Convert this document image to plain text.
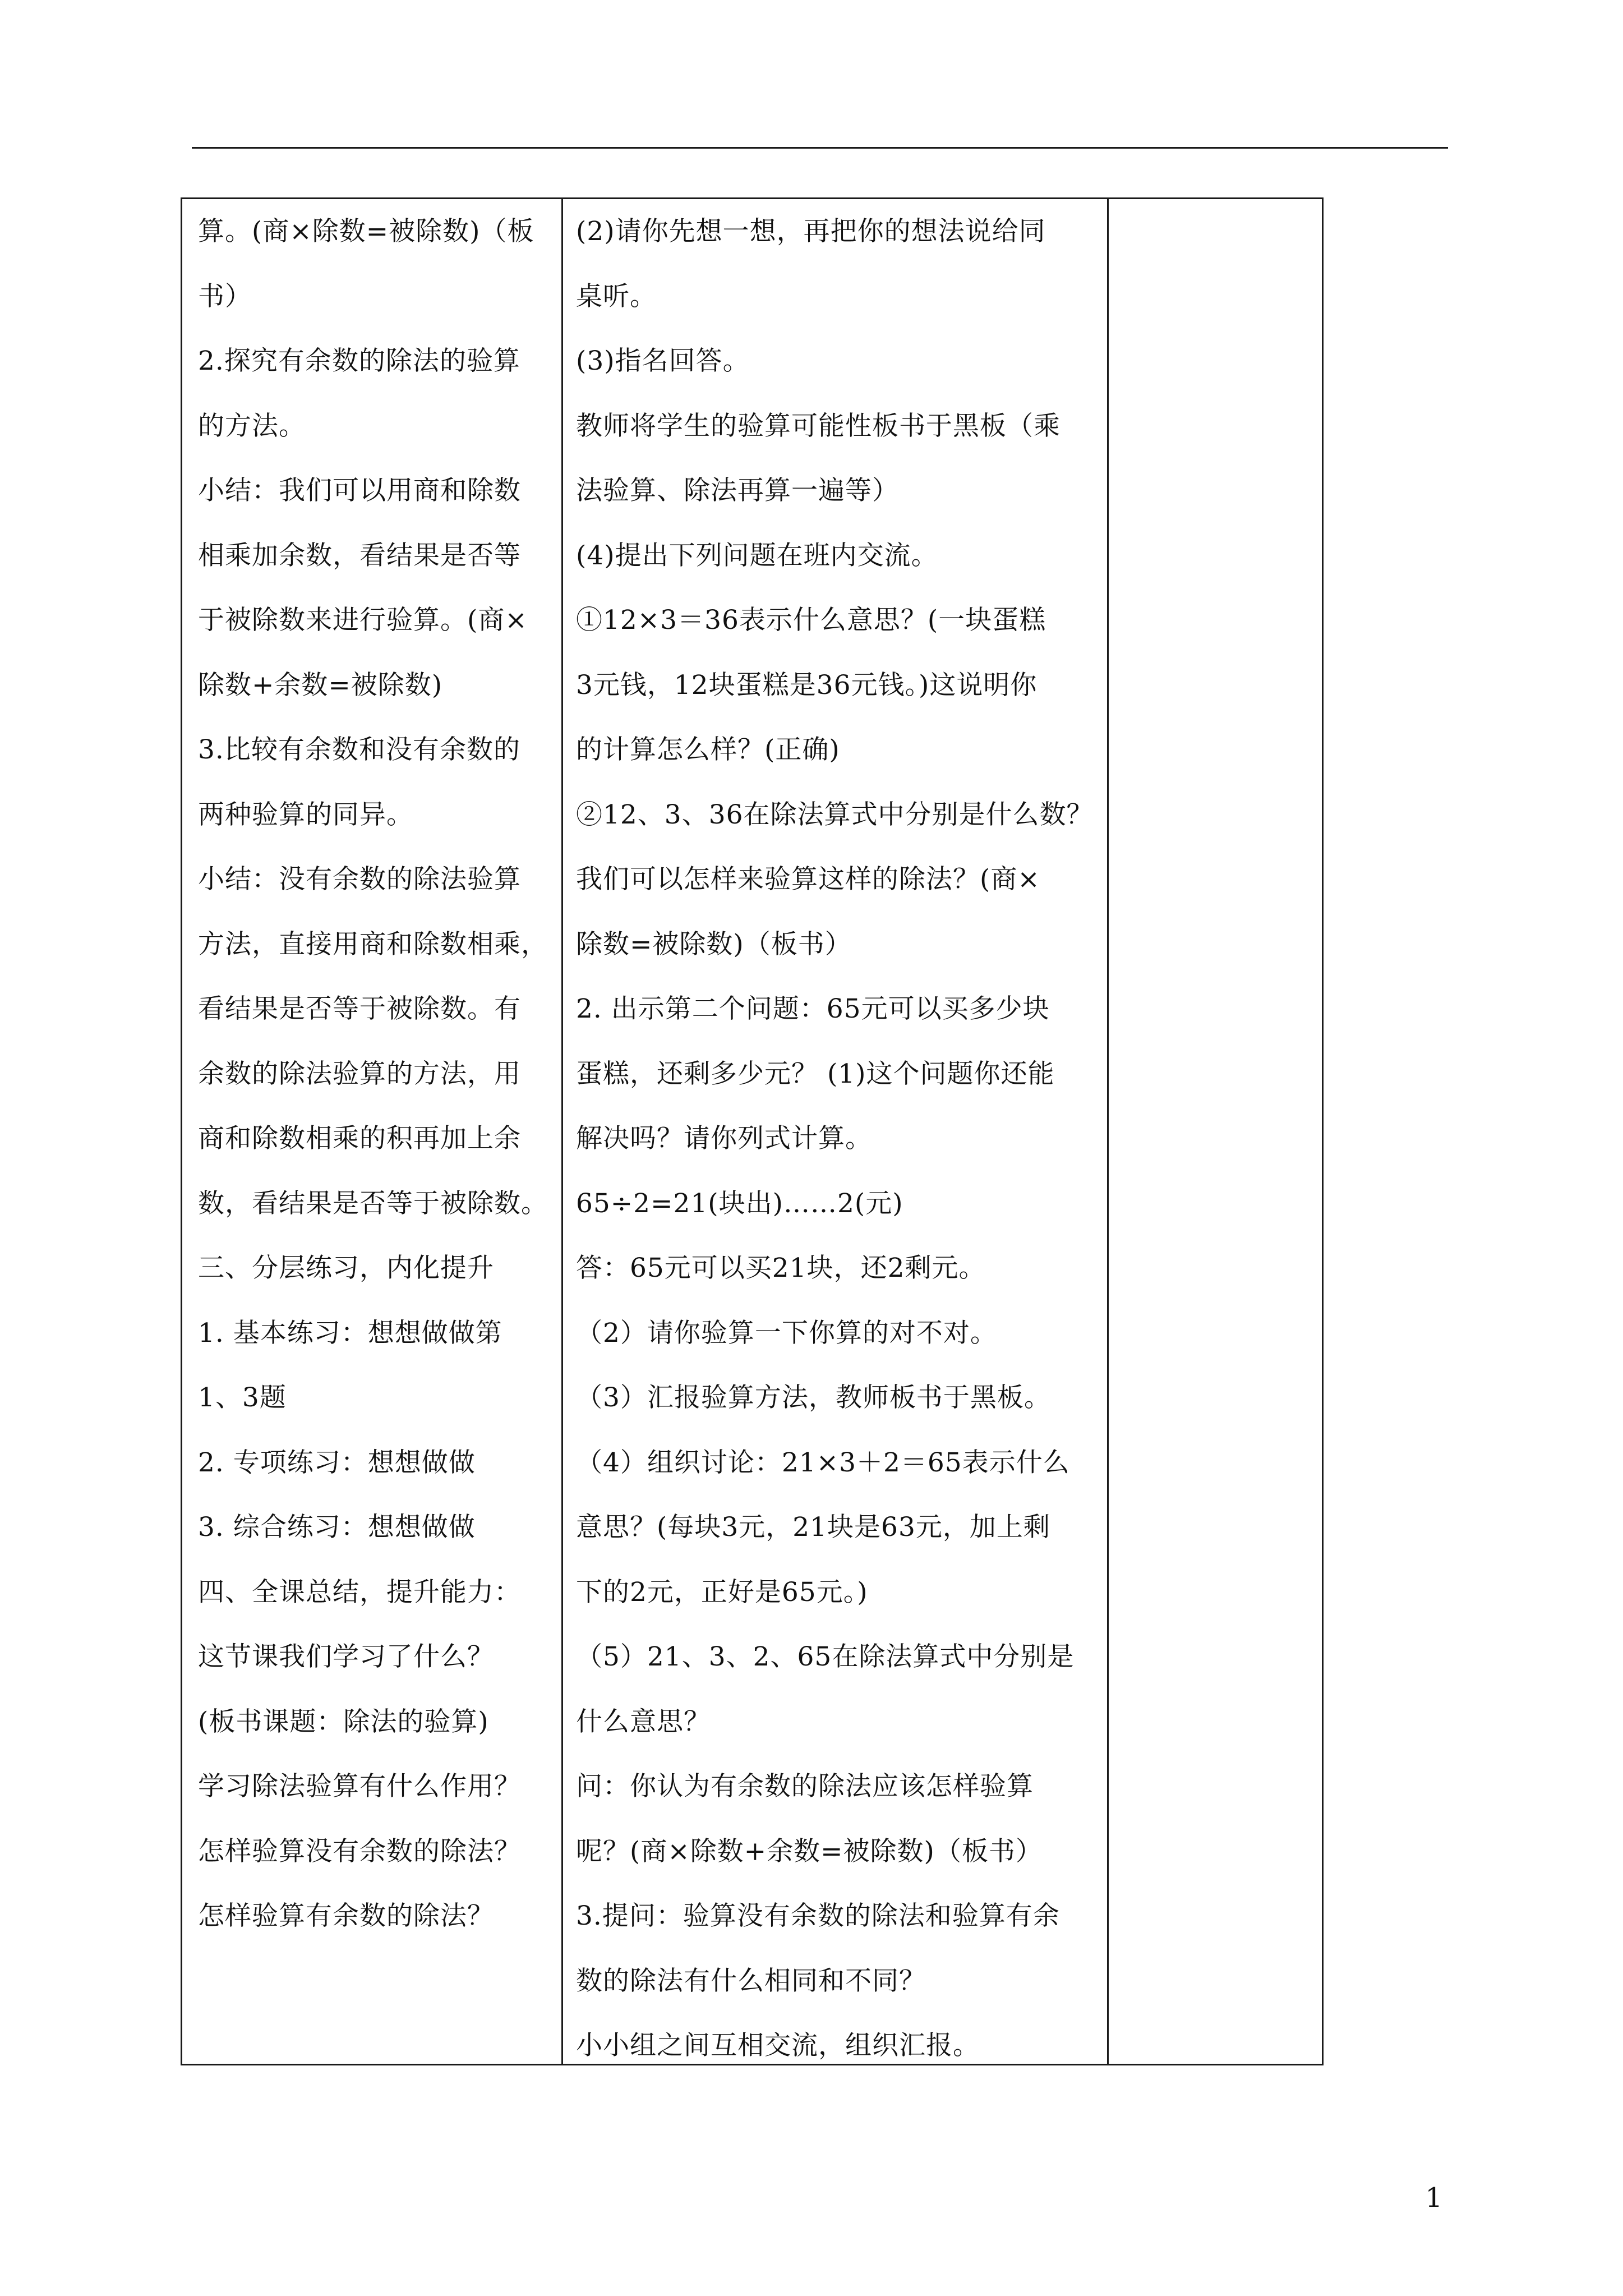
算。(商×除数=被除数)（板
书）
2.探究有余数的除法的验算
的方法。
小结：我们可以用商和除数
相乘加余数，看结果是否等
于被除数来进行验算。(商×
除数+余数=被除数)
3.比较有余数和没有余数的
两种验算的同异。
小结：没有余数的除法验算
方法，直接用商和除数相乘，
看结果是否等于被除数。有
余数的除法验算的方法，用
商和除数相乘的积再加上余
数，看结果是否等于被除数。
三、分层练习，内化提升
1. 基本练习：想想做做第
1、3题
2. 专项练习：想想做做
3. 综合练习：想想做做
四、全课总结，提升能力：
这节课我们学习了什么？
(板书课题：除法的验算)
学习除法验算有什么作用？
怎样验算没有余数的除法？
怎样验算有余数的除法？
(2)请你先想一想，再把你的想法说给同
桌听。
(3)指名回答。
教师将学生的验算可能性板书于黑板（乘
法验算、除法再算一遍等）
(4)提出下列问题在班内交流。
①12×3＝36表示什么意思？(一块蛋糕
3元钱，12块蛋糕是36元钱。)这说明你
的计算怎么样？(正确)
②12、3、36在除法算式中分别是什么数？
我们可以怎样来验算这样的除法？(商×
除数=被除数)（板书）
2. 出示第二个问题：65元可以买多少块
蛋糕，还剩多少元？ (1)这个问题你还能
解决吗？请你列式计算。
65÷2=21(块出)……2(元)
答：65元可以买21块，还2剩元。
（2）请你验算一下你算的对不对。
（3）汇报验算方法，教师板书于黑板。
（4）组织讨论：21×3＋2＝65表示什么
意思？(每块3元，21块是63元，加上剩
下的2元，正好是65元。)
（5）21、3、2、65在除法算式中分别是
什么意思？
问：你认为有余数的除法应该怎样验算
呢？(商×除数+余数=被除数)（板书）
3.提问：验算没有余数的除法和验算有余
数的除法有什么相同和不同？
小小组之间互相交流，组织汇报。
1
